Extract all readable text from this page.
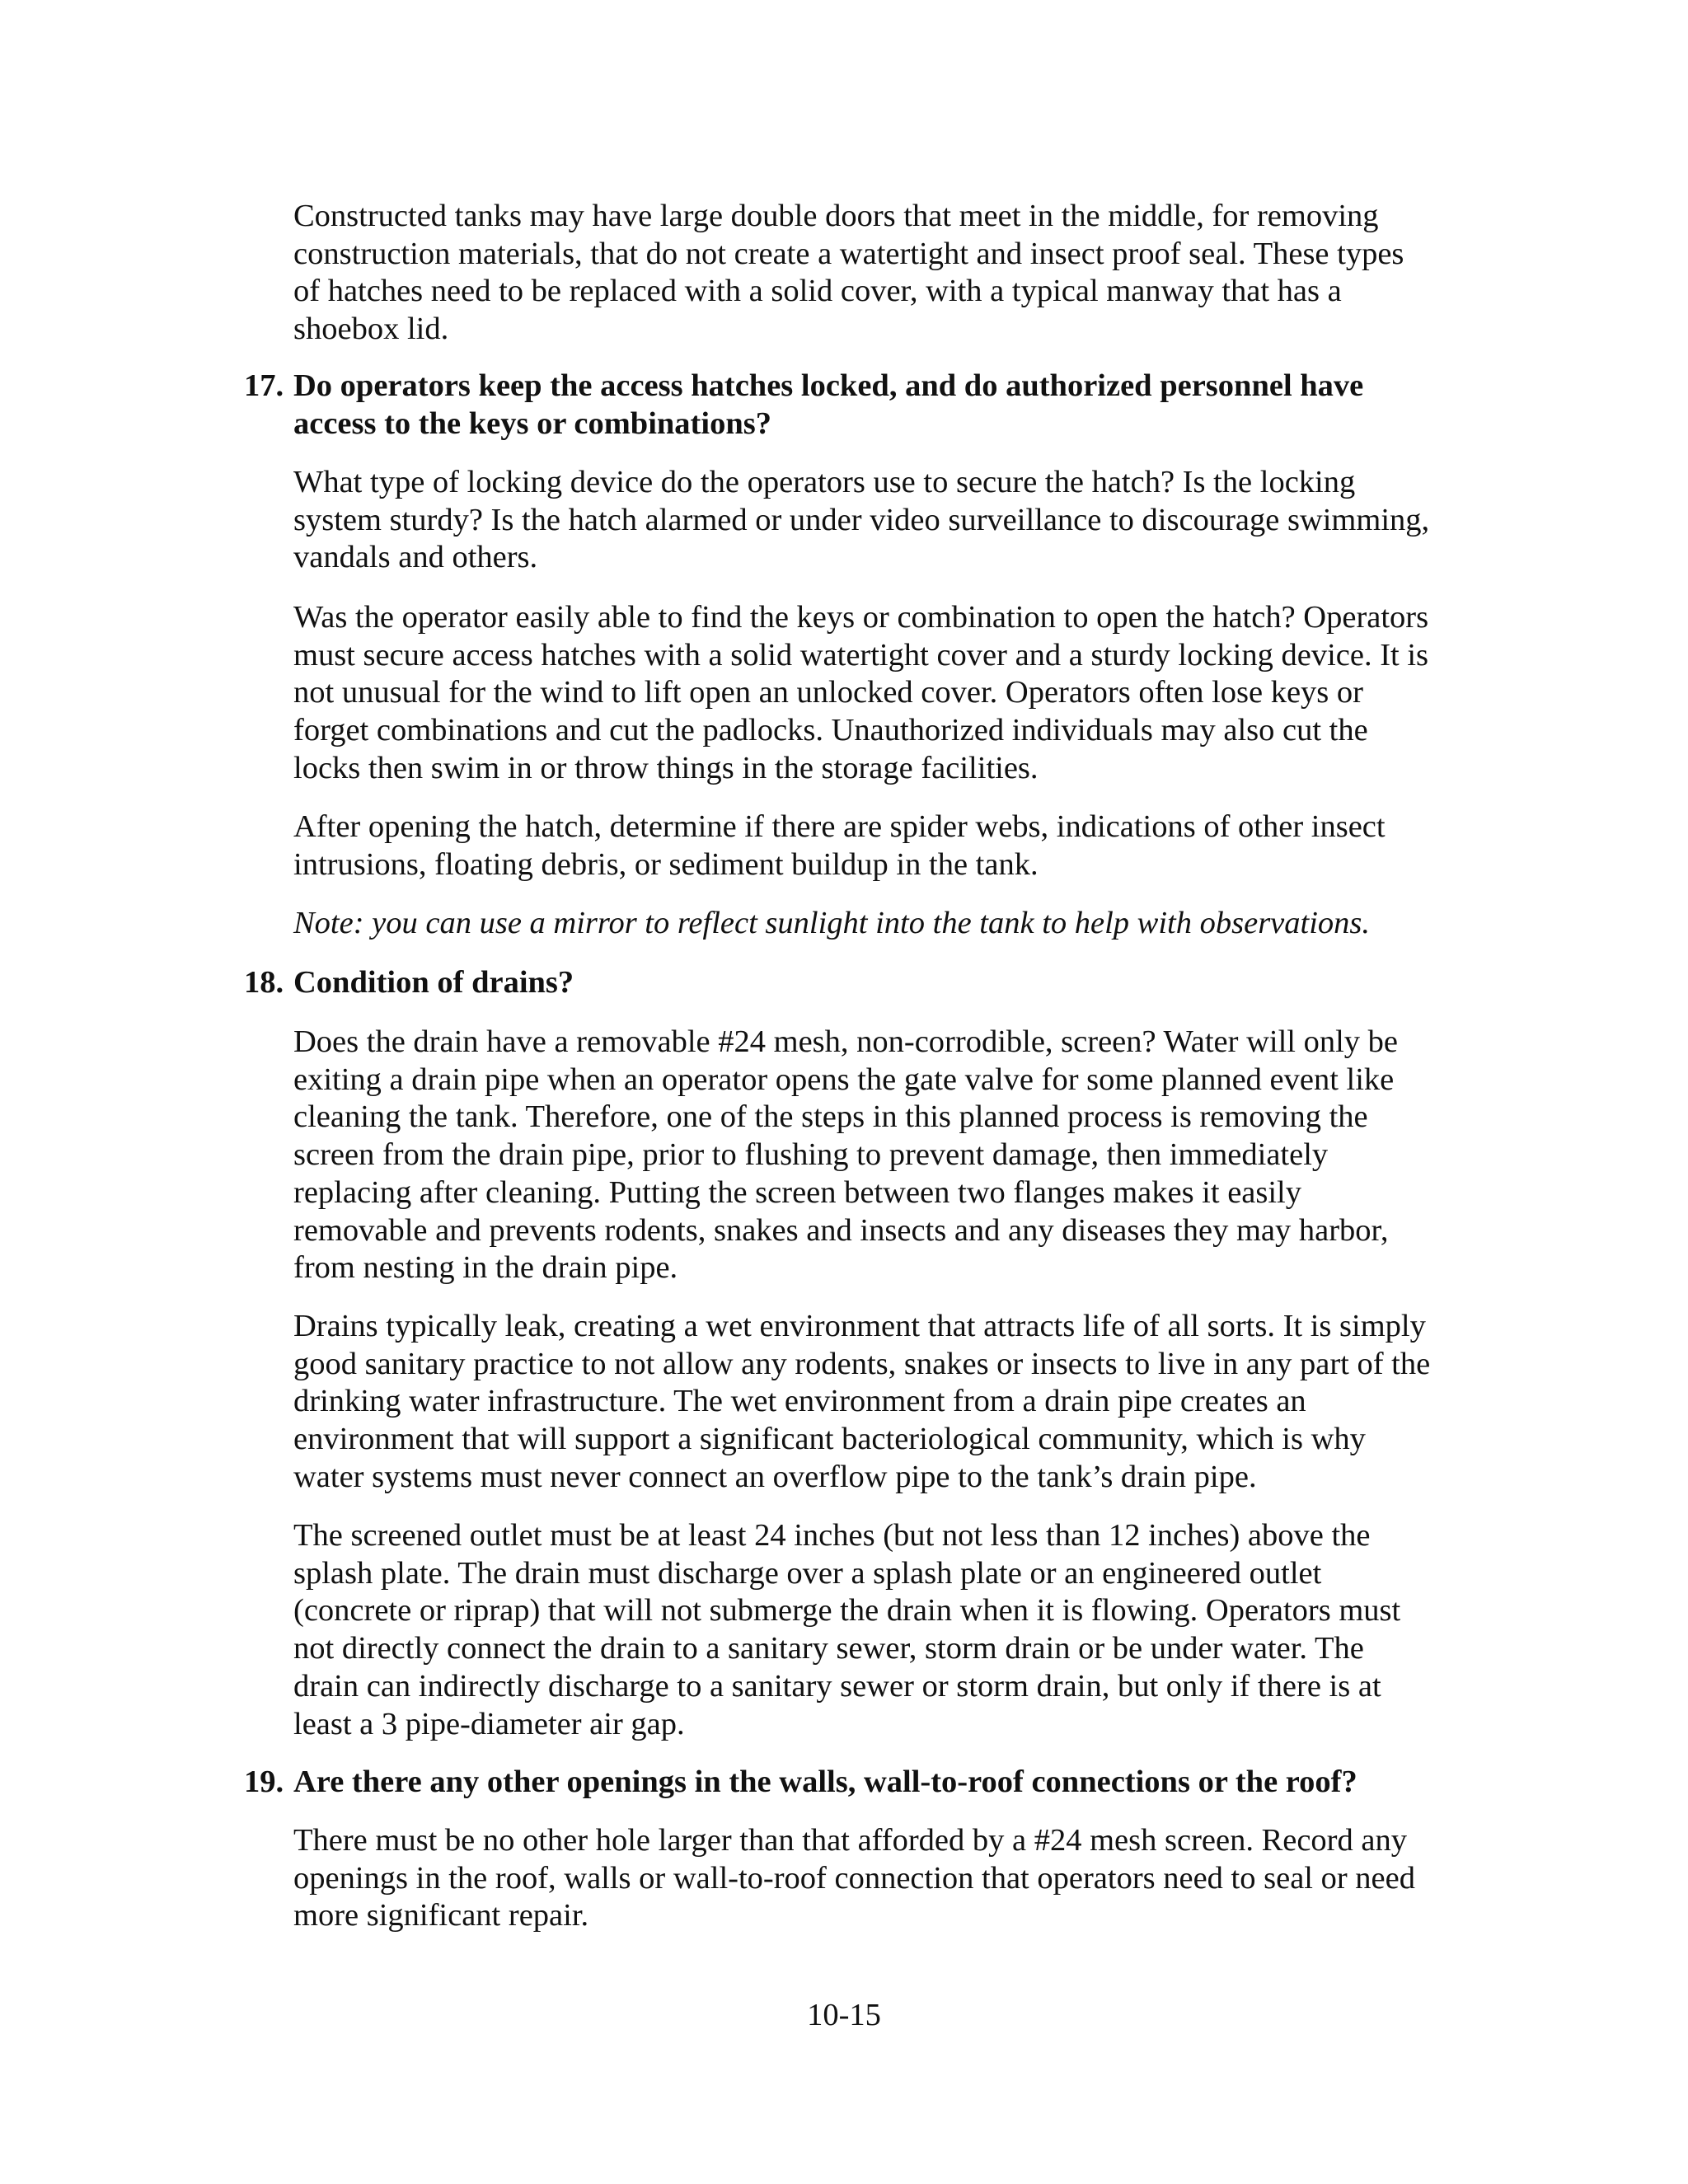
Constructed tanks may have large double doors that meet in the middle, for removing
construction materials, that do not create a watertight and insect proof seal. These types
of hatches need to be replaced with a solid cover, with a typical manway that has a
shoebox lid.

17. Do operators keep the access hatches locked, and do authorized personnel have
access to the keys or combinations?

What type of locking device do the operators use to secure the hatch? Is the locking
system sturdy? Is the hatch alarmed or under video surveillance to discourage swimming,
vandals and others.

Was the operator easily able to find the keys or combination to open the hatch? Operators
must secure access hatches with a solid watertight cover and a sturdy locking device. It is
not unusual for the wind to lift open an unlocked cover. Operators often lose keys or
forget combinations and cut the padlocks. Unauthorized individuals may also cut the
locks then swim in or throw things in the storage facilities.

After opening the hatch, determine if there are spider webs, indications of other insect
intrusions, floating debris, or sediment buildup in the tank.

Note: you can use a mirror to reflect sunlight into the tank to help with observations.

18. Condition of drains?

Does the drain have a removable #24 mesh, non-corrodible, screen? Water will only be
exiting a drain pipe when an operator opens the gate valve for some planned event like
cleaning the tank. Therefore, one of the steps in this planned process is removing the
screen from the drain pipe, prior to flushing to prevent damage, then immediately
replacing after cleaning. Putting the screen between two flanges makes it easily
removable and prevents rodents, snakes and insects and any diseases they may harbor,
from nesting in the drain pipe.

Drains typically leak, creating a wet environment that attracts life of all sorts. It is simply
good sanitary practice to not allow any rodents, snakes or insects to live in any part of the
drinking water infrastructure. The wet environment from a drain pipe creates an
environment that will support a significant bacteriological community, which is why
water systems must never connect an overflow pipe to the tank’s drain pipe.

The screened outlet must be at least 24 inches (but not less than 12 inches) above the
splash plate. The drain must discharge over a splash plate or an engineered outlet
(concrete or riprap) that will not submerge the drain when it is flowing. Operators must
not directly connect the drain to a sanitary sewer, storm drain or be under water. The
drain can indirectly discharge to a sanitary sewer or storm drain, but only if there is at
least a 3 pipe-diameter air gap.

19. Are there any other openings in the walls, wall-to-roof connections or the roof?

There must be no other hole larger than that afforded by a #24 mesh screen. Record any
openings in the roof, walls or wall-to-roof connection that operators need to seal or need
more significant repair.

10-15
